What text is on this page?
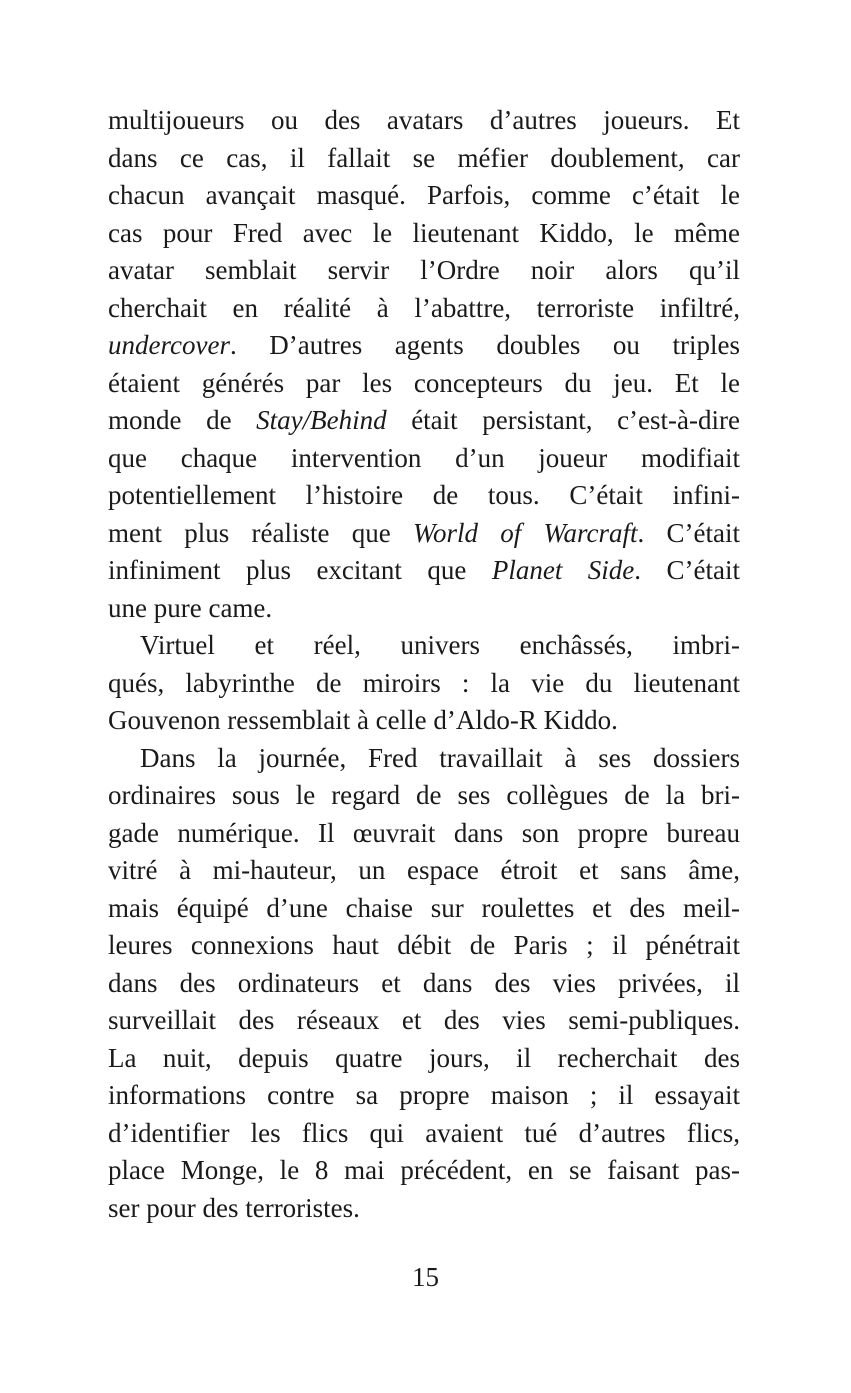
multijoueurs ou des avatars d’autres joueurs. Et
dans ce cas, il fallait se méfier doublement, car
chacun avançait masqué. Parfois, comme c’était le
cas pour Fred avec le lieutenant Kiddo, le même
avatar semblait servir l’Ordre noir alors qu’il
cherchait en réalité à l’abattre, terroriste infiltré,
undercover. D’autres agents doubles ou triples
étaient générés par les concepteurs du jeu. Et le
monde de Stay/Behind était persistant, c’est-à-dire
que chaque intervention d’un joueur modifiait
potentiellement l’histoire de tous. C’était infini-
ment plus réaliste que World of Warcraft. C’était
infiniment plus excitant que Planet Side. C’était
une pure came.
Virtuel et réel, univers enchâssés, imbri-
qués, labyrinthe de miroirs : la vie du lieutenant
Gouvenon ressemblait à celle d’Aldo-R Kiddo.
Dans la journée, Fred travaillait à ses dossiers
ordinaires sous le regard de ses collègues de la bri-
gade numérique. Il œuvrait dans son propre bureau
vitré à mi-hauteur, un espace étroit et sans âme,
mais équipé d’une chaise sur roulettes et des meil-
leures connexions haut débit de Paris ; il pénétrait
dans des ordinateurs et dans des vies privées, il
surveillait des réseaux et des vies semi-publiques.
La nuit, depuis quatre jours, il recherchait des
informations contre sa propre maison ; il essayait
d’identifier les flics qui avaient tué d’autres flics,
place Monge, le 8 mai précédent, en se faisant pas-
ser pour des terroristes.
15
